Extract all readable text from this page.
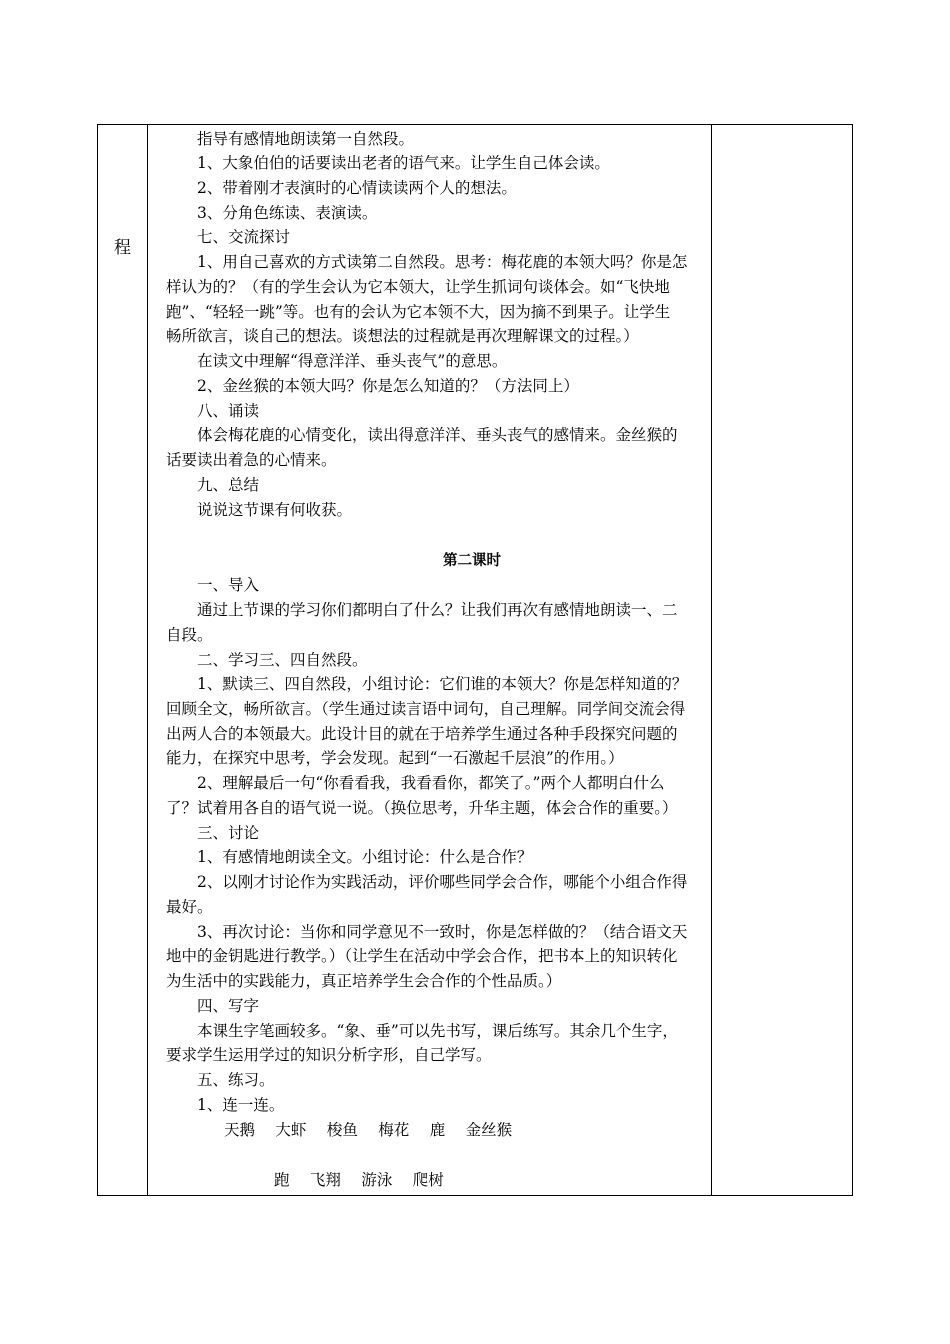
程
　　指导有感情地朗读第一自然段。
　　1、大象伯伯的话要读出老者的语气来。让学生自己体会读。
　　2、带着刚才表演时的心情读读两个人的想法。
　　3、分角色练读、表演读。
　　七、交流探讨
　　1、用自己喜欢的方式读第二自然段。思考：梅花鹿的本领大吗？你是怎
样认为的？（有的学生会认为它本领大，让学生抓词句谈体会。如“飞快地
跑”、“轻轻一跳”等。也有的会认为它本领不大，因为摘不到果子。让学生
畅所欲言，谈自己的想法。谈想法的过程就是再次理解课文的过程。）
　　在读文中理解“得意洋洋、垂头丧气”的意思。
　　2、金丝猴的本领大吗？你是怎么知道的？（方法同上）
　　八、诵读
　　体会梅花鹿的心情变化，读出得意洋洋、垂头丧气的感情来。金丝猴的
话要读出着急的心情来。
　　九、总结
　　说说这节课有何收获。
第二课时
　　一、导入
　　通过上节课的学习你们都明白了什么？让我们再次有感情地朗读一、二
自段。
　　二、学习三、四自然段。
　　1、默读三、四自然段，小组讨论：它们谁的本领大？你是怎样知道的？
回顾全文，畅所欲言。（学生通过读言语中词句，自己理解。同学间交流会得
出两人合的本领最大。此设计目的就在于培养学生通过各种手段探究问题的
能力，在探究中思考，学会发现。起到“一石激起千层浪”的作用。）
　　2、理解最后一句“你看看我，我看看你，都笑了。”两个人都明白什么
了？试着用各自的语气说一说。（换位思考，升华主题，体会合作的重要。）
　　三、讨论
　　1、有感情地朗读全文。小组讨论：什么是合作？
　　2、以刚才讨论作为实践活动，评价哪些同学会合作，哪能个小组合作得
最好。
　　3、再次讨论：当你和同学意见不一致时，你是怎样做的？（结合语文天
地中的金钥匙进行教学。）（让学生在活动中学会合作，把书本上的知识转化
为生活中的实践能力，真正培养学生会合作的个性品质。）
　　四、写字
　　本课生字笔画较多。“象、垂”可以先书写，课后练写。其余几个生字，
要求学生运用学过的知识分析字形，自己学写。
　　五、练习。
　　1、连一连。
天鹅　 大虾　 梭鱼　 梅花　 鹿　 金丝猴
跑　 飞翔　 游泳　 爬树
